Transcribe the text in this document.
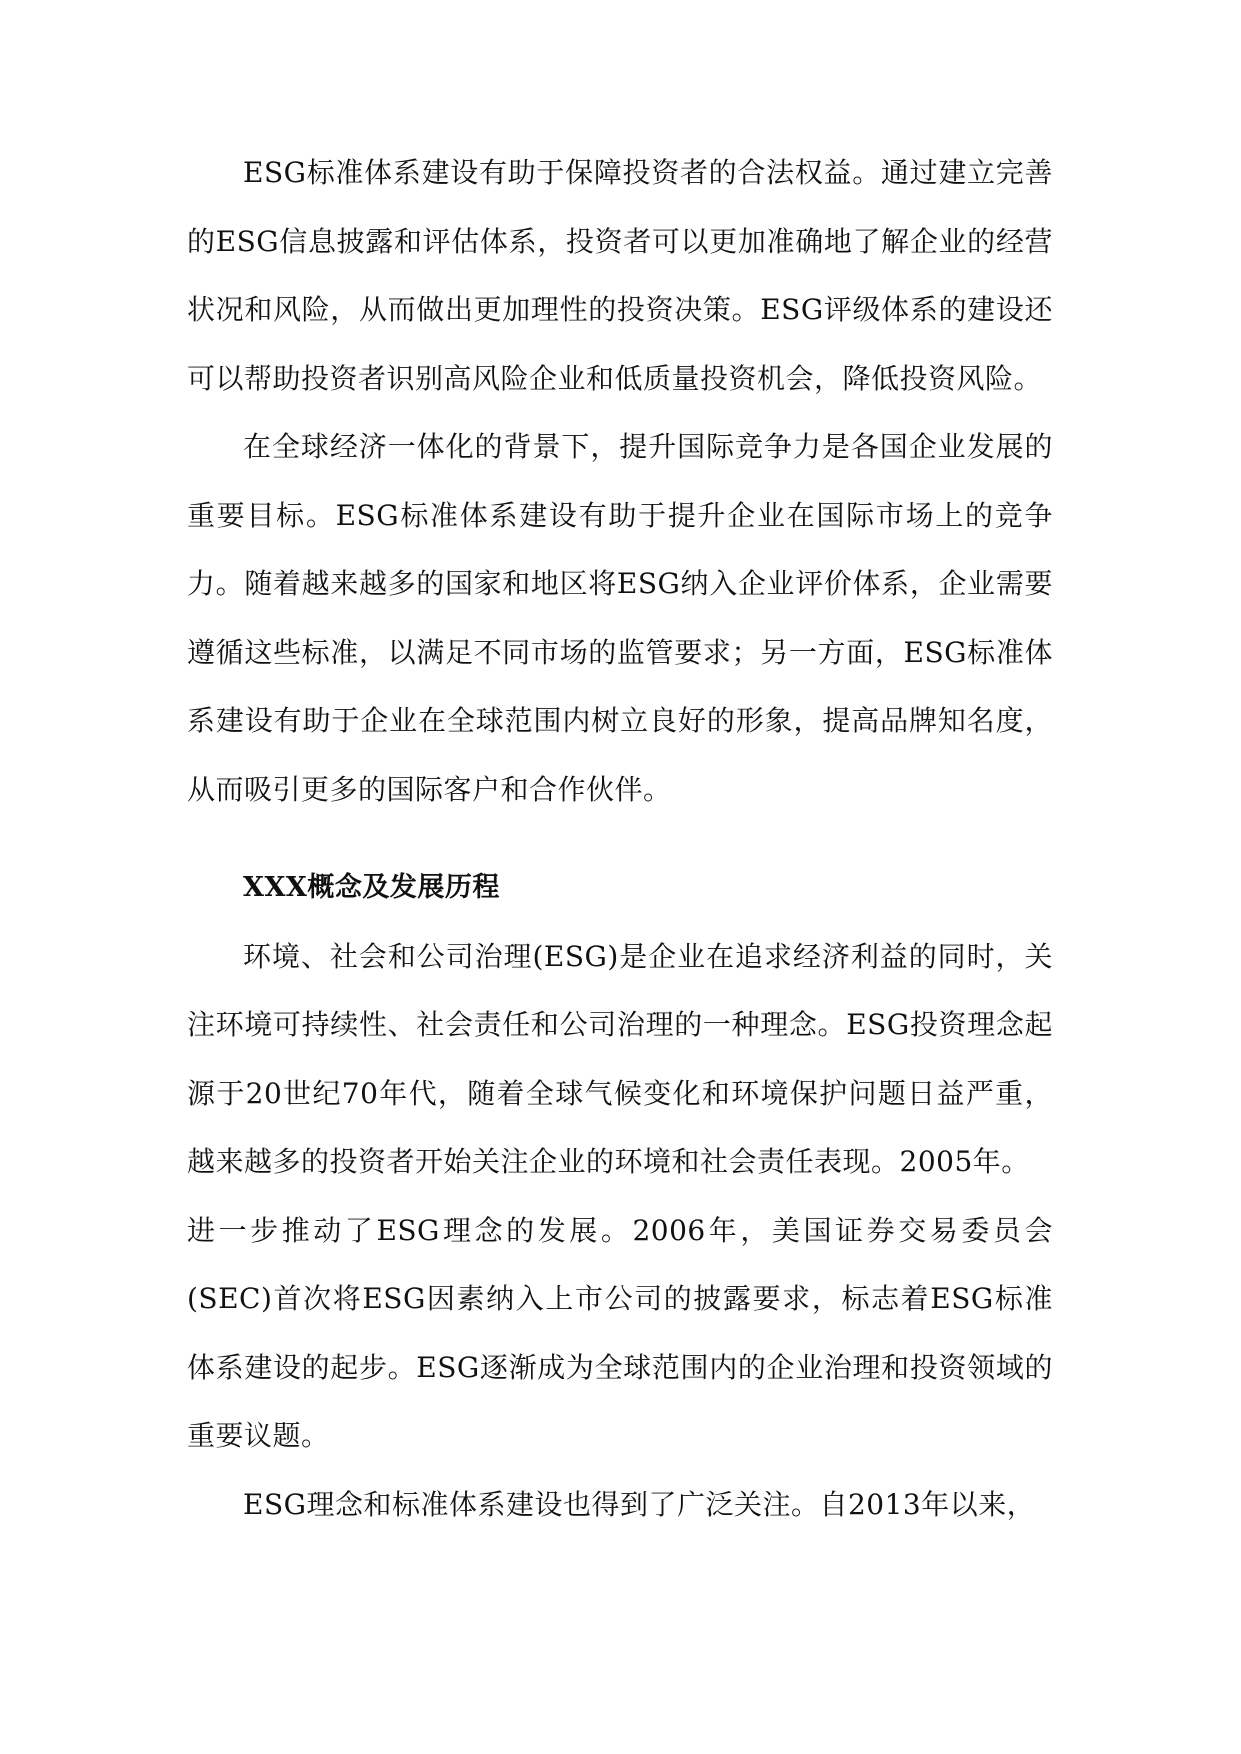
ESG标准体系建设有助于保障投资者的合法权益。通过建立完善的ESG信息披露和评估体系，投资者可以更加准确地了解企业的经营状况和风险，从而做出更加理性的投资决策。ESG评级体系的建设还可以帮助投资者识别高风险企业和低质量投资机会，降低投资风险。

在全球经济一体化的背景下，提升国际竞争力是各国企业发展的重要目标。ESG标准体系建设有助于提升企业在国际市场上的竞争力。随着越来越多的国家和地区将ESG纳入企业评价体系，企业需要遵循这些标准，以满足不同市场的监管要求；另一方面，ESG标准体系建设有助于企业在全球范围内树立良好的形象，提高品牌知名度，从而吸引更多的国际客户和合作伙伴。

XXX概念及发展历程

环境、社会和公司治理(ESG)是企业在追求经济利益的同时，关注环境可持续性、社会责任和公司治理的一种理念。ESG投资理念起源于20世纪70年代，随着全球气候变化和环境保护问题日益严重，越来越多的投资者开始关注企业的环境和社会责任表现。2005年。

进一步推动了ESG理念的发展。2006年，美国证券交易委员会(SEC)首次将ESG因素纳入上市公司的披露要求，标志着ESG标准体系建设的起步。ESG逐渐成为全球范围内的企业治理和投资领域的重要议题。

ESG理念和标准体系建设也得到了广泛关注。自2013年以来，
